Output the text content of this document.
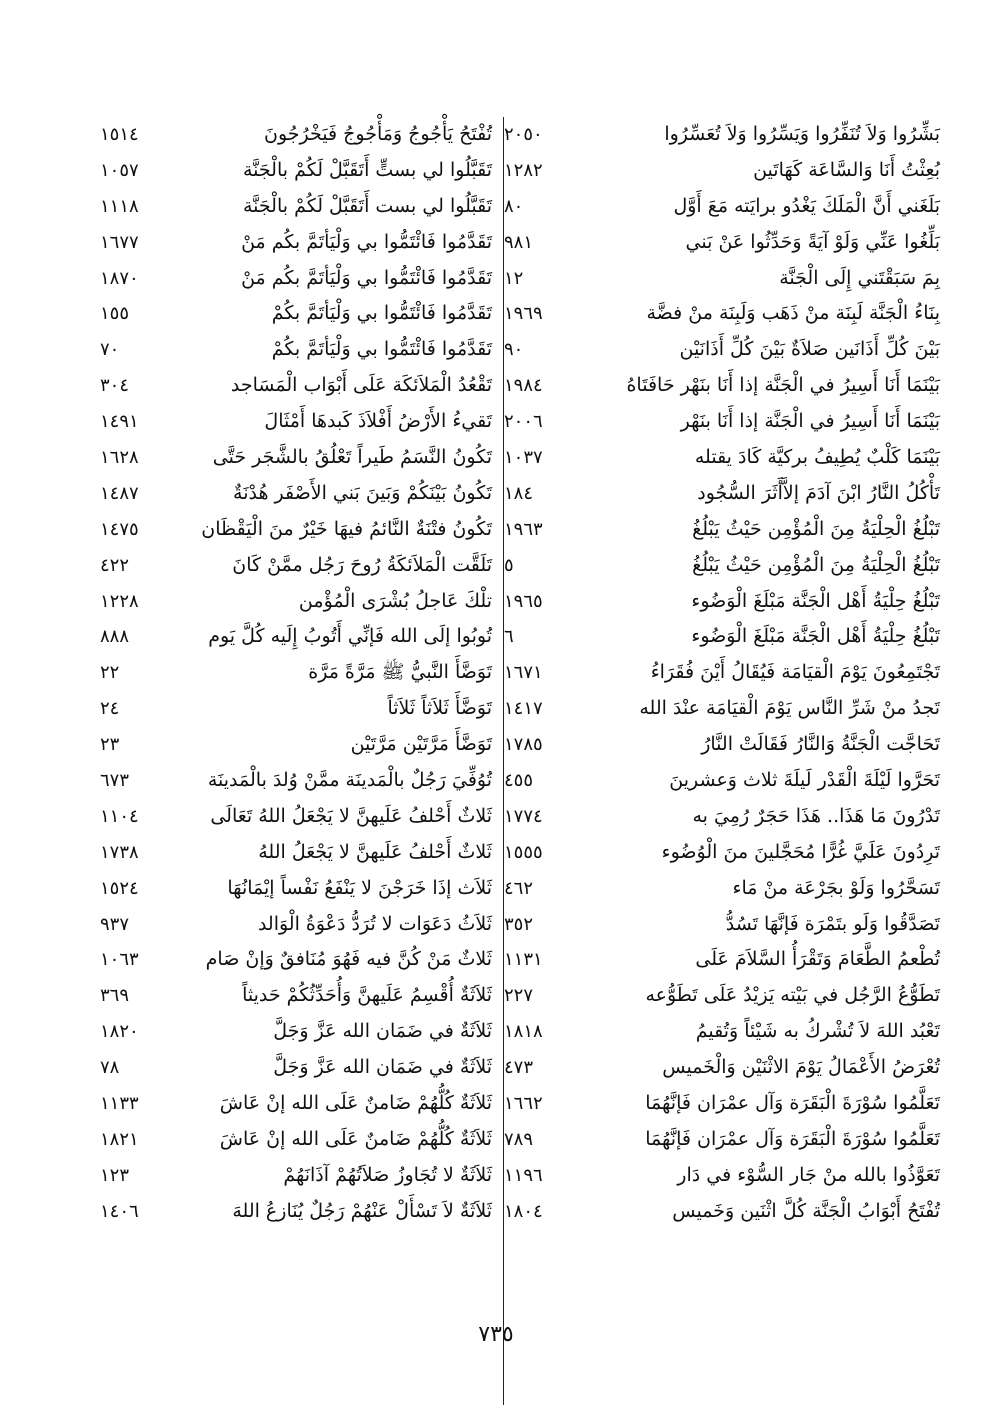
بَشِّرُوا وَلاَ تُنَفِّرُوا وَيَسِّرُوا وَلاَ تُعَسِّرُوا
٢٠٥٠
بُعِثْتُ أَنَا وَالسَّاعَة كَهَاتَين
١٢٨٢
بَلَغَني أَنَّ الْمَلَكَ يَغْدُو برايَته مَعَ أَوَّل
٨٠
بَلِّغُوا عَنِّي وَلَوْ آيَةً وَحَدِّثُوا عَنْ بَني
٩٨١
بِمَ سَبَقْتَني إِلَى الْجَنَّة
١٢
بِنَاءُ الْجَنَّة لَبِنَة منْ ذَهَب وَلَبِنَة منْ فضَّة
١٩٦٩
بَيْنَ كُلِّ أَذَانَين صَلاَةٌ بَيْنَ كُلِّ أَذَانَيْن
٩٠
بَيْنَمَا أَنَا أَسِيرُ في الْجَنَّة إذا أَنَا بنَهْر حَافَتَاهُ
١٩٨٤
بَيْنَمَا أَنَا أَسِيرُ في الْجَنَّة إذا أَنَا بنَهْر
٢٠٠٦
بَيْنَمَا كَلْبٌ يُطِيفُ بركيَّة كَادَ يقتله
١٠٣٧
تَأْكُلُ النَّارُ ابْنَ آدَمَ إلاَّأَثَرَ السُّجُود
١٨٤
تَبْلُغُ الْحِلْيَةُ مِنَ الْمُؤْمِن حَيْثُ يَبْلُغُ
١٩٦٣
تَبْلُغُ الْحِلْيَةُ مِنَ الْمُؤْمِن حَيْثُ يَبْلُغُ
٥
تَبْلُغُ حِلْيَةُ أَهْل الْجَنَّة مَبْلَغَ الْوَضُوء
١٩٦٥
تَبْلُغُ حِلْيَةُ أَهْل الْجَنَّة مَبْلَغَ الْوَضُوء
٦
تَجْتَمِعُونَ يَوْمَ الْقيَامَة فَيُقَالُ أَيْنَ فُقَرَاءُ
١٦٧١
تَجدُ منْ شَرِّ النَّاس يَوْمَ الْقيَامَة عنْدَ الله
١٤١٧
تَحَاجَّت الْجَنَّةُ وَالنَّارُ فَقَالَتْ النَّارُ
١٧٨٥
تَحَرَّوا لَيْلَةَ الْقَدْر لَيلَةَ ثلاث وَعشرينَ
٤٥٥
تَدْرُونَ مَا هَذَا.. هَذَا حَجَرٌ رُمِيَ به
١٧٧٤
تَرِدُونَ عَلَيَّ غُرًّا مُحَجَّلينَ منَ الْوُضُوء
١٥٥٥
تَسَحَّرُوا وَلَوْ بجَرْعَة منْ مَاء
٤٦٢
تَصَدَّقُوا وَلَو بتَمْرَة فَإنَّهَا تَسُدُّ
٣٥٢
تُطْعمُ الطَّعَامَ وَتَقْرَأُ السَّلاَمَ عَلَى
١١٣١
تَطَوُّعُ الرَّجُل في بَيْته يَزيْدُ عَلَى تَطَوُّعه
٢٢٧
تَعْبُد اللهَ لاَ تُشْركُ به شَيْئاً وَتُقيمُ
١٨١٨
تُعْرَضُ الأَعْمَالُ يَوْمَ الاثْنَيْن وَالْخَميس
٤٧٣
تَعَلَّمُوا سُوْرَةَ الْبَقَرَة وَآل عمْرَان فَإنَّهُمَا
١٦٦٢
تَعَلَّمُوا سُوْرَةَ الْبَقَرَة وَآل عمْرَان فَإنَّهُمَا
٧٨٩
تَعَوَّذُوا بالله منْ جَار السُّوْء في دَار
١١٩٦
تُفْتَحُ أَبْوَابُ الْجَنَّة كُلَّ اثْنَين وَخَميس
١٨٠٤
تُفْتَحُ يَأْجُوجُ وَمَأْجُوجُ فَيَخْرُجُونَ
١٥١٤
تَقَبَّلُوا لي بستٍّ أَتَقَبَّلْ لَكُمْ بالْجَنَّة
١٠٥٧
تَقَبَّلُوا لي بست أَتَقَبَّلْ لَكُمْ بالْجَنَّة
١١١٨
تَقَدَّمُوا فَائْتَمُّوا بي وَلْيَأتَمَّ بكُم مَنْ
١٦٧٧
تَقَدَّمُوا فَائْتَمُّوا بي وَلْيَأتَمَّ بكُم مَنْ
١٨٧٠
تَقَدَّمُوا فَائْتَمُّوا بي وَلْيَأتَمَّ بكُمْ
١٥٥
تَقَدَّمُوا فَائْتَمُّوا بي وَلْيَأتَمَّ بكُمْ
٧٠
تَقْعُدُ الْمَلاَئكَة عَلَى أَبْوَاب الْمَسَاجد
٣٠٤
تَقيءُ الأَرْضُ أَفْلاَذَ كَبدهَا أَمْثَالَ
١٤٩١
تَكُونُ النَّسَمُ طَيراً تَعْلُقُ بالشَّجَر حَتَّى
١٦٢٨
تَكُونُ بَيْنَكُمْ وَبَينَ بَني الأَصْفَر هُدْنَةٌ
١٤٨٧
تَكُونُ فتْنَةٌ النَّائمُ فيهَا خَيْرٌ منَ الْيَقْظَان
١٤٧٥
تَلَقَّت الْمَلاَئكَةُ رُوحَ رَجُل ممَّنْ كَانَ
٤٢٢
تلْكَ عَاجلُ بُشْرَى الْمُؤْمن
١٢٢٨
تُوبُوا إلَى الله فَإنِّي أَتُوبُ إِلَيه كُلَّ يَوم
٨٨٨
تَوَضَّأَ النَّبيُّ ﷺ مَرَّةً مَرَّة
٢٢
تَوَضَّأَ ثَلاَثاً ثَلاَثاً
٢٤
تَوَضَّأَ مَرَّتَيْن مَرَّتَيْن
٢٣
تُوُفِّيَ رَجُلٌ بالْمَدينَة ممَّنْ وُلدَ بالْمَدينَة
٦٧٣
ثَلاثٌ أَحْلفُ عَلَيهنَّ لا يَجْعَلُ اللهُ تَعَالَى
١١٠٤
ثَلاثٌ أَحْلفُ عَلَيهنَّ لا يَجْعَلُ اللهُ
١٧٣٨
ثَلاَث إذَا خَرَجْنَ لا يَنْفَعُ نَفْساً إيْمَانُهَا
١٥٢٤
ثَلاَثُ دَعَوَات لا تُرَدُّ دَعْوَةُ الْوَالد
٩٣٧
ثَلاثٌ مَنْ كُنَّ فيه فَهُوَ مُنَافقٌ وَإنْ صَام
١٠٦٣
ثَلاَثَةٌ أُقْسِمُ عَلَيهنَّ وَأُحَدِّثُكُمْ حَديثاً
٣٦٩
ثَلاَثَةٌ في ضَمَان الله عَزَّ وَجَلَّ
١٨٢٠
ثَلاَثَةٌ في ضَمَان الله عَزَّ وَجَلَّ
٧٨
ثَلاَثَةٌ كُلُّهُمْ ضَامنٌ عَلَى الله إنْ عَاشَ
١١٣٣
ثَلاَثَةٌ كُلُّهُمْ ضَامنٌ عَلَى الله إنْ عَاشَ
١٨٢١
ثَلاَثَةٌ لا تُجَاوزُ صَلاَتُهُمْ آذَانَهُمْ
١٢٣
ثَلاَثَةٌ لاَ تَسْأَلْ عَنْهُمْ رَجُلٌ يُنَازعُ اللهَ
١٤٠٦
٧٣٥
